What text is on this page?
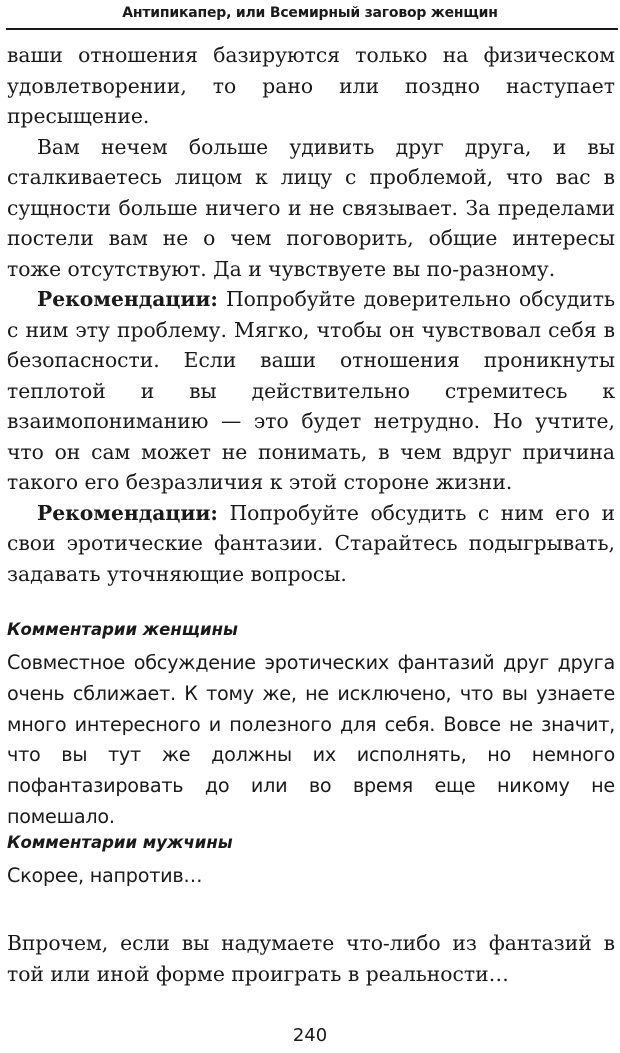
Антипикапер, или Всемирный заговор женщин

ваши отношения базируются только на физическом удовлетворении, то рано или поздно наступает пресыщение.

Вам нечем больше удивить друг друга, и вы сталкиваетесь лицом к лицу с проблемой, что вас в сущности больше ничего и не связывает. За пределами постели вам не о чем поговорить, общие интересы тоже отсутствуют. Да и чувствуете вы по-разному.

Рекомендации: Попробуйте доверительно обсудить с ним эту проблему. Мягко, чтобы он чувствовал себя в безопасности. Если ваши отношения проникнуты теплотой и вы действительно стремитесь к взаимопониманию — это будет нетрудно. Но учтите, что он сам может не понимать, в чем вдруг причина такого его безразличия к этой стороне жизни.

Рекомендации: Попробуйте обсудить с ним его и свои эротические фантазии. Старайтесь подыгрывать, задавать уточняющие вопросы.

Комментарии женщины

Совместное обсуждение эротических фантазий друг друга очень сближает. К тому же, не исключено, что вы узнаете много интересного и полезного для себя. Вовсе не значит, что вы тут же должны их исполнять, но немного пофантазировать до или во время еще никому не помешало.

Комментарии мужчины

Скорее, напротив…

Впрочем, если вы надумаете что-либо из фантазий в той или иной форме проиграть в реальности…

240
